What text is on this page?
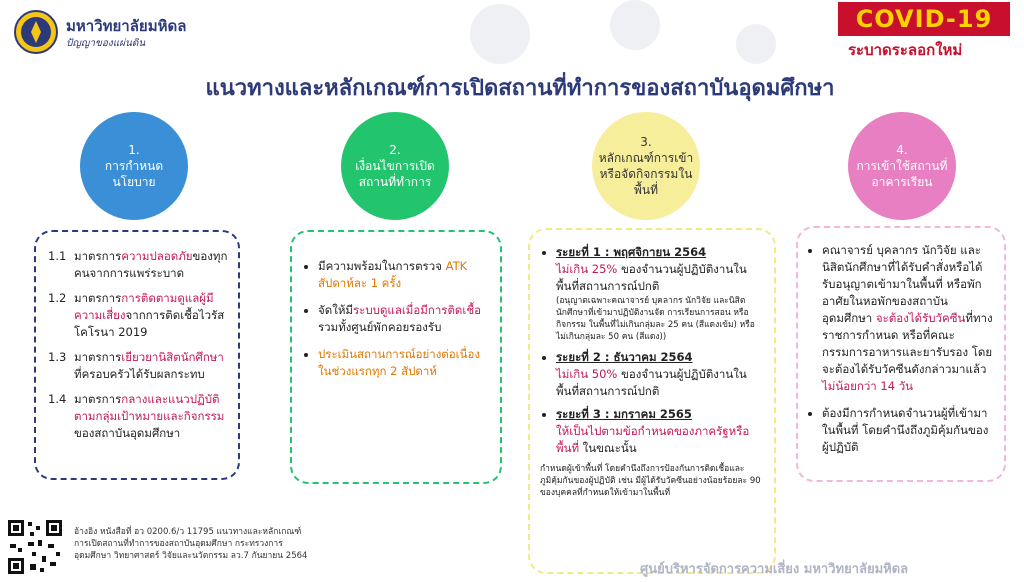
มหาวิทยาลัยมหิดล
ปัญญาของแผ่นดิน
COVID-19
ระบาดระลอกใหม่
แนวทางและหลักเกณฑ์การเปิดสถานที่ทำการของสถาบันอุดมศึกษา
1.
การกำหนดนโยบาย
2.
เงื่อนไขการเปิดสถานที่ทำการ
3.
หลักเกณฑ์การเข้าหรือจัดกิจกรรมในพื้นที่
4.
การเข้าใช้สถานที่อาคารเรียน
1.1 มาตรการความปลอดภัยของทุกคนจากการแพร่ระบาด
1.2 มาตรการการติดตามดูแลผู้มีความเสี่ยงจากการติดเชื้อไวรัสโคโรนา 2019
1.3 มาตรการเยียวยานิสิตนักศึกษาที่ครอบครัวได้รับผลกระทบ
1.4 มาตรการกลางและแนวปฏิบัติตามกลุ่มเป้าหมายและกิจกรรมของสถาบันอุดมศึกษา
• มีความพร้อมในการตรวจ ATK สัปดาห์ละ 1 ครั้ง
• จัดให้มีระบบดูแลเมื่อมีการติดเชื้อรวมทั้งศูนย์พักคอยรองรับ
• ประเมินสถานการณ์อย่างต่อเนื่องในช่วงแรกทุก 2 สัปดาห์
• ระยะที่ 1 : พฤศจิกายน 2564
ไม่เกิน 25% ของจำนวนผู้ปฏิบัติงานในพื้นที่สถานการณ์ปกติ
(อนุญาตเฉพาะคณาจารย์ บุคลากร นักวิจัย และนิสิตนักศึกษาที่เข้ามาปฏิบัติงานจัด การเรียนการสอน หรือกิจกรรม ในพื้นที่ไม่เกินกลุ่มละ 25 คน (สีแดงเข้ม) หรือไม่เกินกลุ่มละ 50 คน (สีแดง))
• ระยะที่ 2 : ธันวาคม 2564
ไม่เกิน 50% ของจำนวนผู้ปฏิบัติงานในพื้นที่สถานการณ์ปกติ
• ระยะที่ 3 : มกราคม 2565
ให้เป็นไปตามข้อกำหนดของภาครัฐหรือพื้นที่ ในขณะนั้น
กำหนดผู้เข้าพื้นที่ โดยคำนึงถึงการป้องกันการติดเชื้อและภูมิคุ้มกันของผู้ปฏิบัติ เช่น มีผู้ได้รับวัคซีนอย่างน้อยร้อยละ 90 ของบุคคลที่กำหนดให้เข้ามาในพื้นที่
• คณาจารย์ บุคลากร นักวิจัย และนิสิตนักศึกษาที่ได้รับคำสั่งหรือได้รับอนุญาตเข้ามาในพื้นที่ หรือพักอาศัยในหอพักของสถาบันอุดมศึกษา จะต้องได้รับวัคซีนที่ทางราชการกำหนด หรือที่คณะกรรมการอาหารและยารับรอง โดยจะต้องได้รับวัคซีนดังกล่าวมาแล้วไม่น้อยกว่า 14 วัน
• ต้องมีการกำหนดจำนวนผู้ที่เข้ามาในพื้นที่ โดยคำนึงถึงภูมิคุ้มกันของผู้ปฏิบัติ
อ้างอิง หนังสือที่ อว 0200.6/ว 11795 แนวทางและหลักเกณฑ์การเปิดสถานที่ทำการของสถาบันอุดมศึกษา กระทรวงการอุดมศึกษา วิทยาศาสตร์ วิจัยและนวัตกรรม ลว.7 กันยายน 2564
ศูนย์บริหารจัดการความเสี่ยง มหาวิทยาลัยมหิดล
